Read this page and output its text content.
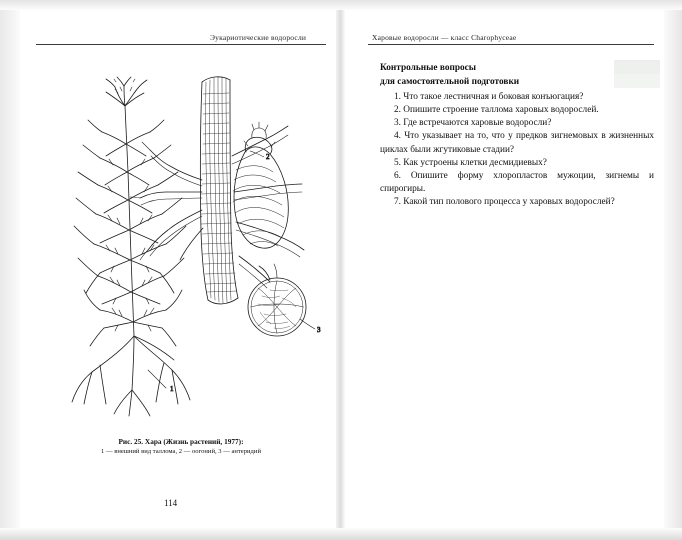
Эукариотические водоросли	Харовые водоросли — класс Charophyceae
Контрольные вопросы
для самостоятельной подготовки

1. Что такое лестничная и боковая конъюгация?

2. Опишите строение таллома харовых водорослей.

3. Где встречаются харовые водоросли?

4. Что указывает на то, что у предков зигнемовых в жизненных циклах были жгутиковые стадии?

5. Как устроены клетки десмидиевых?

6. Опишите форму хлоропластов мужоции, зигнемы и спирогиры.

7. Какой тип полового процесса у харовых водорослей?

1
2
3
Рис. 25. Хара (Жизнь растений, 1977):
1 — внешний вид таллома, 2 — оогоний, 3 — антеридий
114
